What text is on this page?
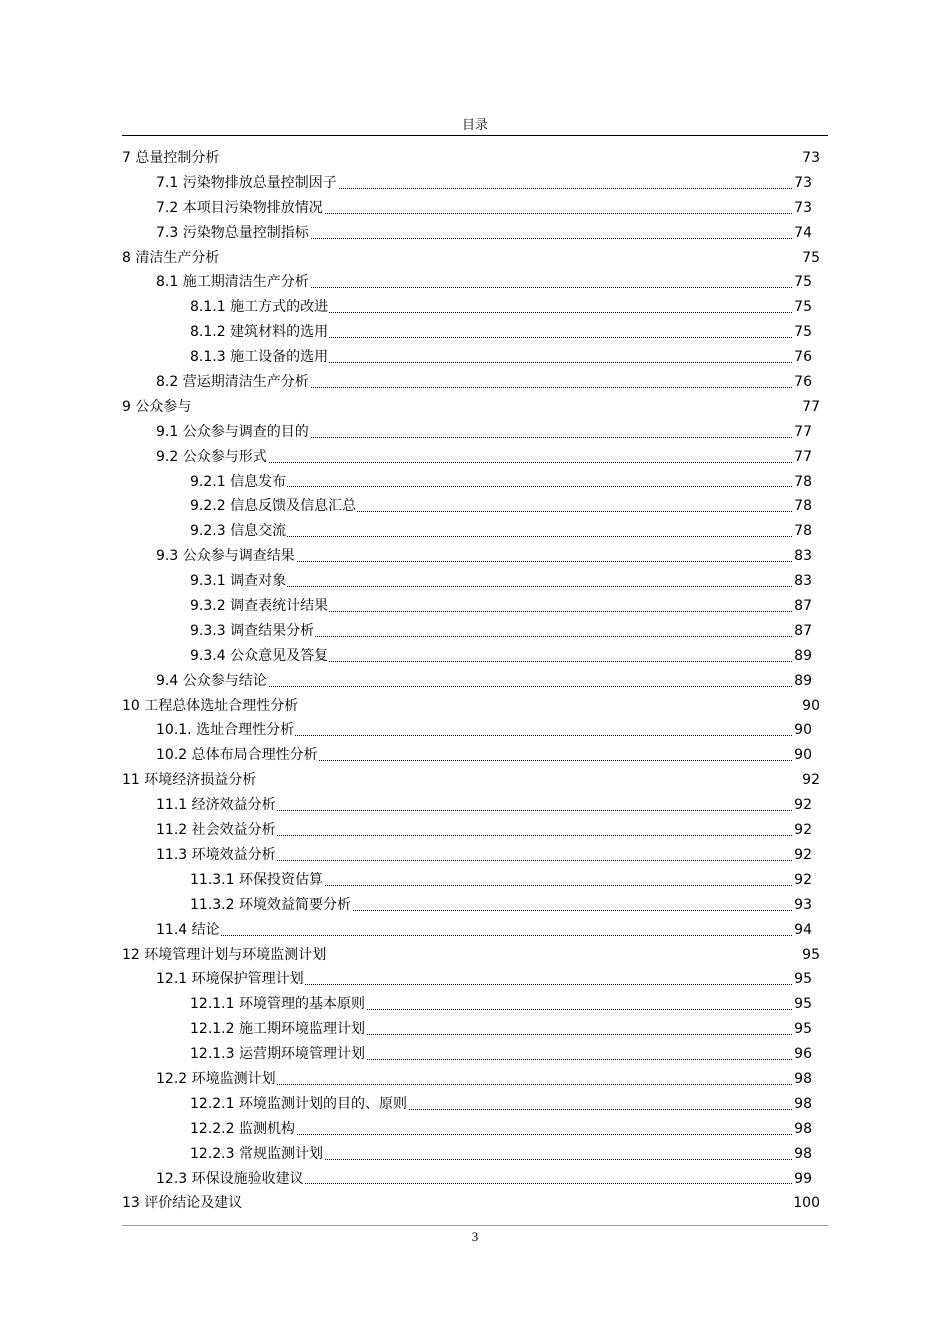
目录
7 总量控制分析	73
7.1 污染物排放总量控制因子	73
7.2 本项目污染物排放情况	73
7.3 污染物总量控制指标	74
8 清洁生产分析	75
8.1 施工期清洁生产分析	75
8.1.1 施工方式的改进	75
8.1.2 建筑材料的选用	75
8.1.3 施工设备的选用	76
8.2 营运期清洁生产分析	76
9 公众参与	77
9.1 公众参与调查的目的	77
9.2 公众参与形式	77
9.2.1 信息发布	78
9.2.2 信息反馈及信息汇总	78
9.2.3 信息交流	78
9.3 公众参与调查结果	83
9.3.1 调查对象	83
9.3.2 调查表统计结果	87
9.3.3 调查结果分析	87
9.3.4 公众意见及答复	89
9.4 公众参与结论	89
10 工程总体选址合理性分析	90
10.1. 选址合理性分析	90
10.2 总体布局合理性分析	90
11 环境经济损益分析	92
11.1 经济效益分析	92
11.2 社会效益分析	92
11.3 环境效益分析	92
11.3.1 环保投资估算	92
11.3.2 环境效益简要分析	93
11.4 结论	94
12 环境管理计划与环境监测计划	95
12.1 环境保护管理计划	95
12.1.1 环境管理的基本原则	95
12.1.2 施工期环境监理计划	95
12.1.3 运营期环境管理计划	96
12.2 环境监测计划	98
12.2.1 环境监测计划的目的、原则	98
12.2.2 监测机构	98
12.2.3 常规监测计划	98
12.3 环保设施验收建议	99
13 评价结论及建议	100
3
